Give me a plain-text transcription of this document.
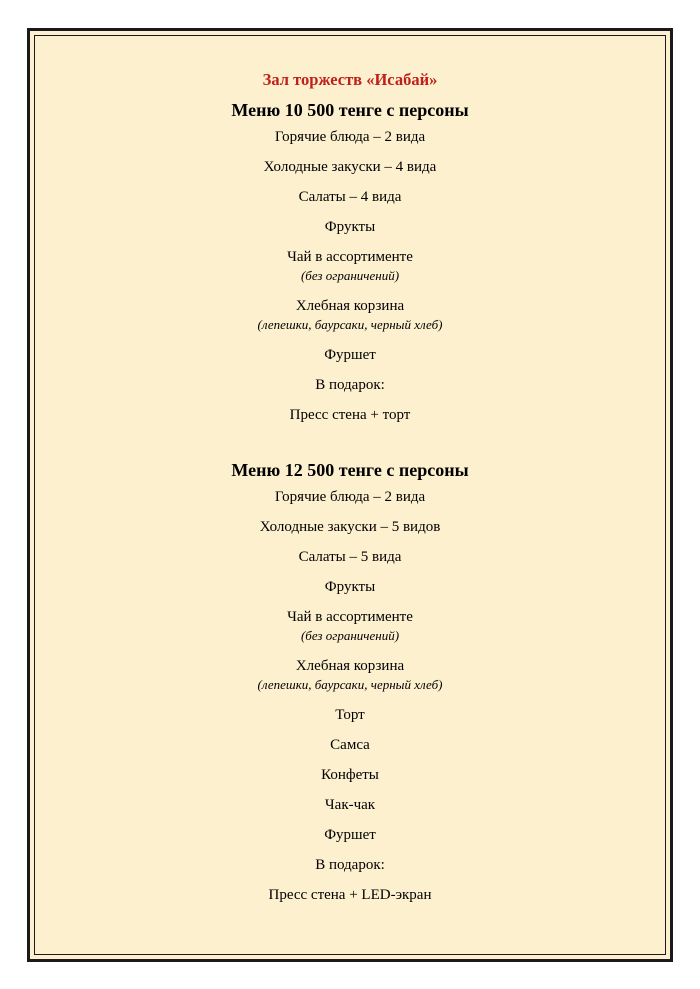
Зал торжеств «Исабай»
Меню 10 500 тенге с персоны
Горячие блюда – 2 вида
Холодные закуски – 4 вида
Салаты – 4 вида
Фрукты
Чай в ассортименте
(без ограничений)
Хлебная корзина
(лепешки, баурсаки, черный хлеб)
Фуршет
В подарок:
Пресс стена + торт
Меню 12 500 тенге с персоны
Горячие блюда – 2 вида
Холодные закуски – 5 видов
Салаты – 5 вида
Фрукты
Чай в ассортименте
(без ограничений)
Хлебная корзина
(лепешки, баурсаки, черный хлеб)
Торт
Самса
Конфеты
Чак-чак
Фуршет
В подарок:
Пресс стена + LED-экран
